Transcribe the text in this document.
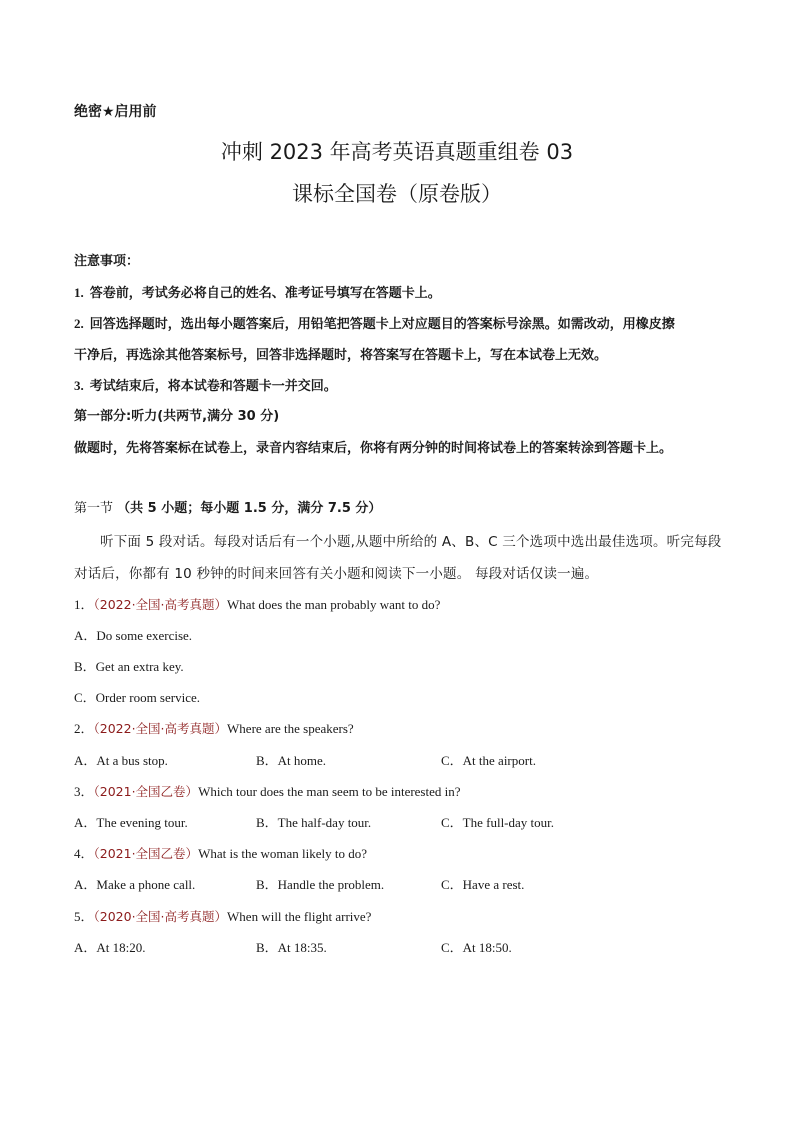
绝密★启用前
冲刺 2023 年高考英语真题重组卷 03
课标全国卷（原卷版）
注意事项：
1. 答卷前，考试务必将自己的姓名、准考证号填写在答题卡上。
2. 回答选择题时，选出每小题答案后，用铅笔把答题卡上对应题目的答案标号涂黑。如需改动，用橡皮擦
干净后，再选涂其他答案标号，回答非选择题时，将答案写在答题卡上，写在本试卷上无效。
3. 考试结束后，将本试卷和答题卡一并交回。
第一部分:听力(共两节,满分 30 分)
做题时，先将答案标在试卷上，录音内容结束后，你将有两分钟的时间将试卷上的答案转涂到答题卡上。
第一节 （共 5 小题；每小题 1.5 分，满分 7.5 分）
听下面 5 段对话。每段对话后有一个小题,从题中所给的 A、B、C 三个选项中选出最佳选项。听完每段
对话后，你都有 10 秒钟的时间来回答有关小题和阅读下一小题。 每段对话仅读一遍。
1．（2022·全国·高考真题）What does the man probably want to do?
A．Do some exercise.
B．Get an extra key.
C．Order room service.
2．（2022·全国·高考真题）Where are the speakers?
A．At a bus stop.	B．At home.	C．At the airport.
3．（2021·全国乙卷）Which tour does the man seem to be interested in?
A．The evening tour.	B．The half-day tour.	C．The full-day tour.
4．（2021·全国乙卷）What is the woman likely to do?
A．Make a phone call.	B．Handle the problem.	C．Have a rest.
5．（2020·全国·高考真题）When will the flight arrive?
A．At 18:20.	B．At 18:35.	C．At 18:50.
